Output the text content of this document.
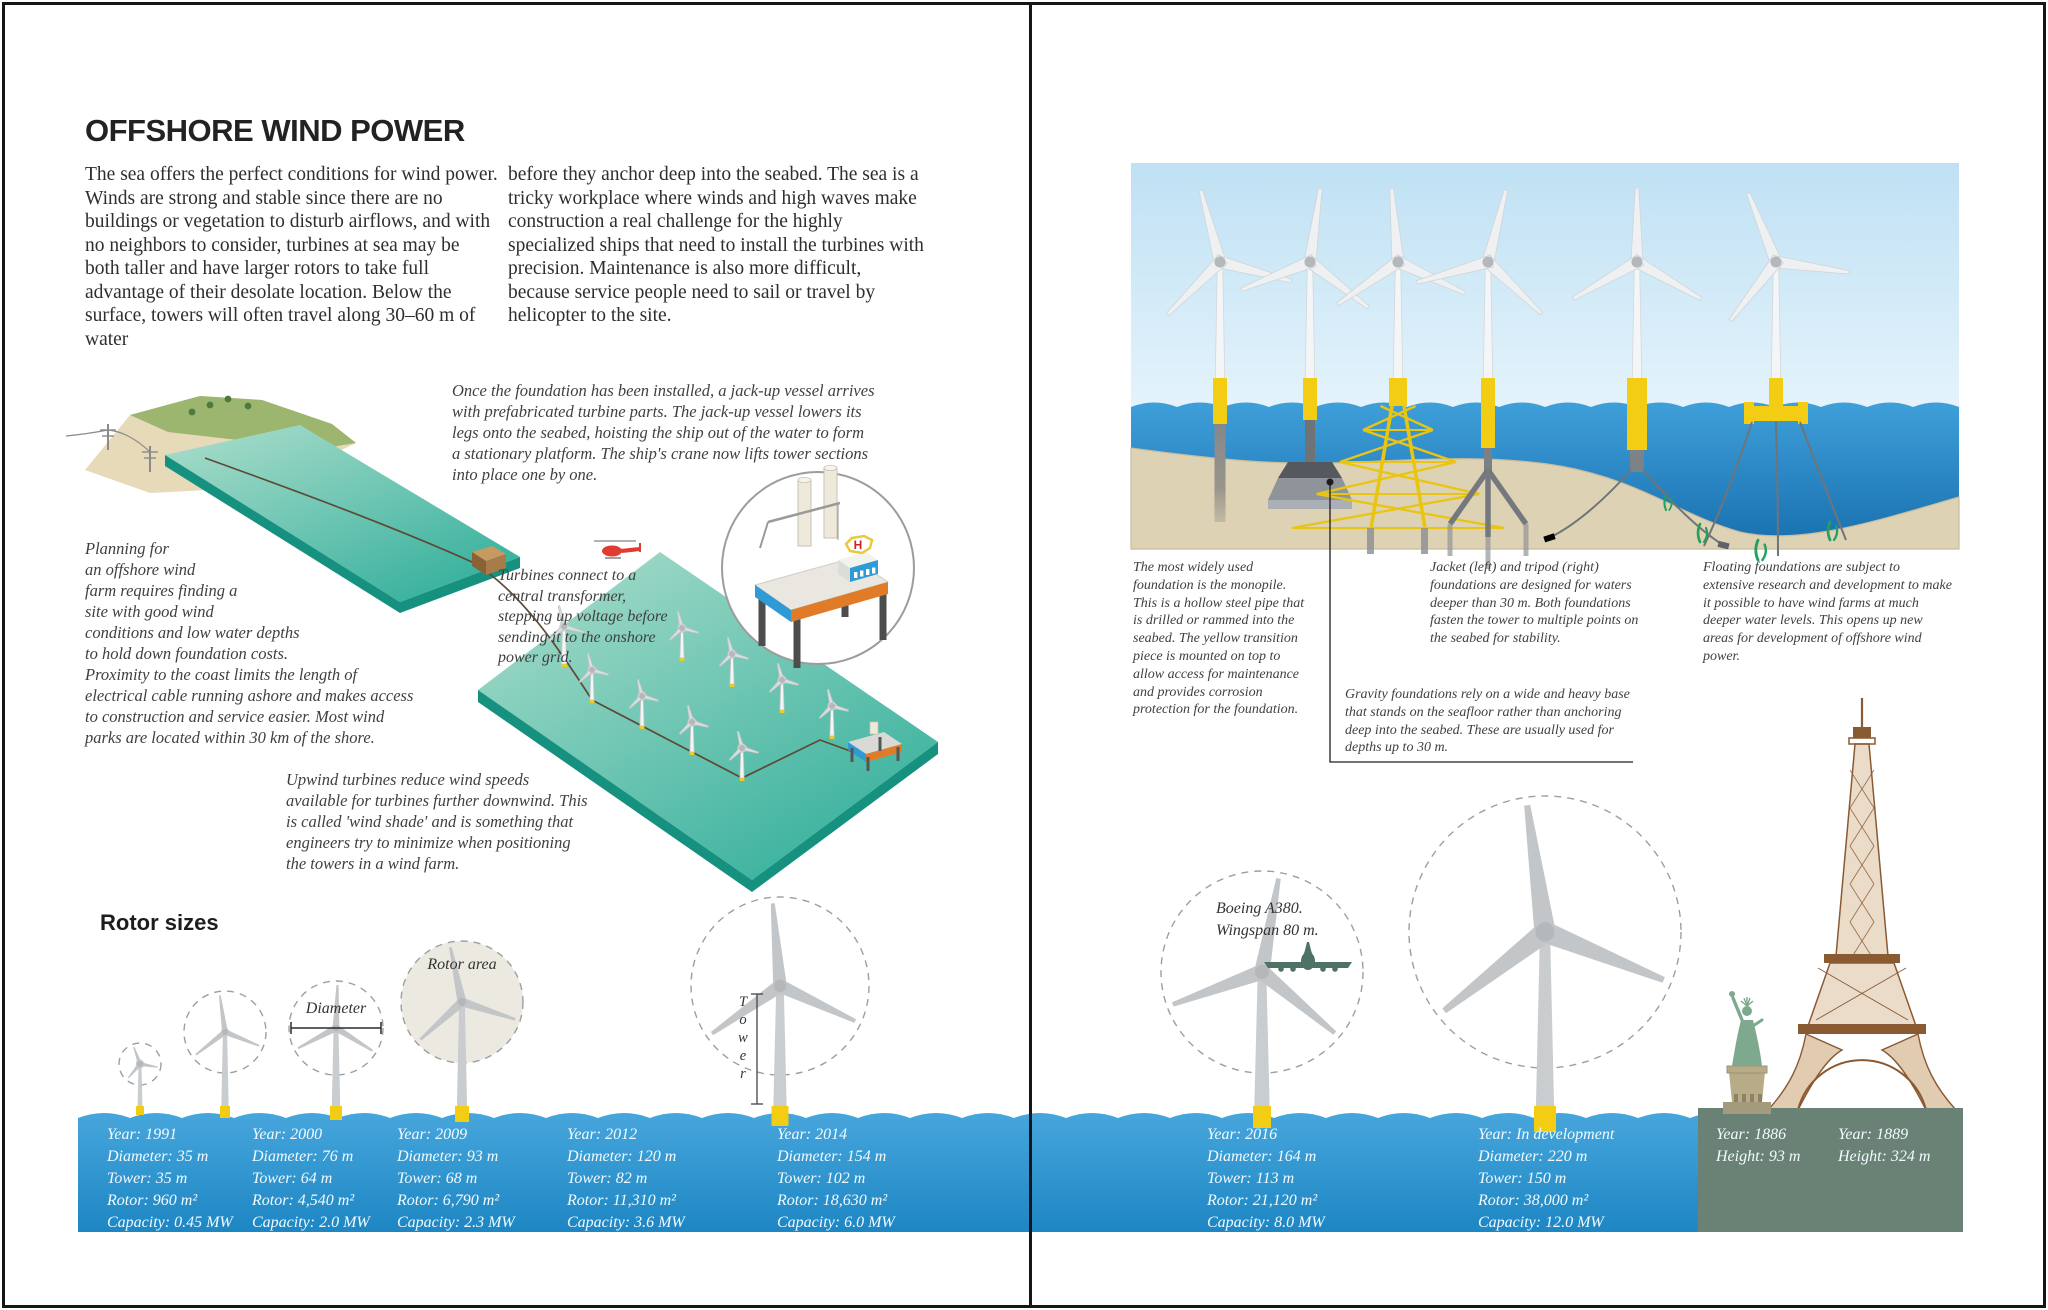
H
OFFSHORE WIND POWER
The sea offers the perfect conditions for wind power. Winds are strong and stable since there are no buildings or vegetation to disturb airflows, and with no neighbors to consider, turbines at sea may be both taller and have larger rotors to take full advantage of their desolate location. Below the surface, towers will often travel along 30–60 m of water
before they anchor deep into the seabed. The sea is a tricky workplace where winds and high waves make construction a real challenge for the highly specialized ships that need to install the turbines with precision. Maintenance is also more difficult, because service people need to sail or travel by helicopter to the site.
Once the foundation has been installed, a jack-up vessel arrives with prefabricated turbine parts. The jack-up vessel lowers its legs onto the seabed, hoisting the ship out of the water to form a stationary platform. The ship's crane now lifts tower sections into place one by one.
Planning for an offshore wind farm requires finding a site with good wind conditions and low water depths to hold down foundation costs. Proximity to the coast limits the length of electrical cable running ashore and makes access to construction and service easier. Most wind parks are located within 30 km of the shore.
Turbines connect to a central transformer, stepping up voltage before sending it to the onshore power grid.
Upwind turbines reduce wind speeds available for turbines further downwind. This is called 'wind shade' and is something that engineers try to minimize when positioning the towers in a wind farm.
Rotor sizes
The most widely used foundation is the monopile. This is a hollow steel pipe that is drilled or rammed into the seabed. The yellow transition piece is mounted on top to allow access for maintenance and provides corrosion protection for the foundation.
Jacket (left) and tripod (right) foundations are designed for waters deeper than 30 m. Both foundations fasten the tower to multiple points on the seabed for stability.
Floating foundations are subject to extensive research and development to make it possible to have wind farms at much deeper water levels. This opens up new areas for development of offshore wind power.
Gravity foundations rely on a wide and heavy base that stands on the seafloor rather than anchoring deep into the seabed. These are usually used for depths up to 30 m.
Diameter
Rotor area
Tower
Boeing A380.
Wingspan 80 m.
Year: 1991
Diameter: 35 m
Tower: 35 m
Rotor: 960 m²
Capacity: 0.45 MW
Year: 2000
Diameter: 76 m
Tower: 64 m
Rotor: 4,540 m²
Capacity: 2.0 MW
Year: 2009
Diameter: 93 m
Tower: 68 m
Rotor: 6,790 m²
Capacity: 2.3 MW
Year: 2012
Diameter: 120 m
Tower: 82 m
Rotor: 11,310 m²
Capacity: 3.6 MW
Year: 2014
Diameter: 154 m
Tower: 102 m
Rotor: 18,630 m²
Capacity: 6.0 MW
Year: 2016
Diameter: 164 m
Tower: 113 m
Rotor: 21,120 m²
Capacity: 8.0 MW
Year: In development
Diameter: 220 m
Tower: 150 m
Rotor: 38,000 m²
Capacity: 12.0 MW
Year: 1886
Height: 93 m
Year: 1889
Height: 324 m
